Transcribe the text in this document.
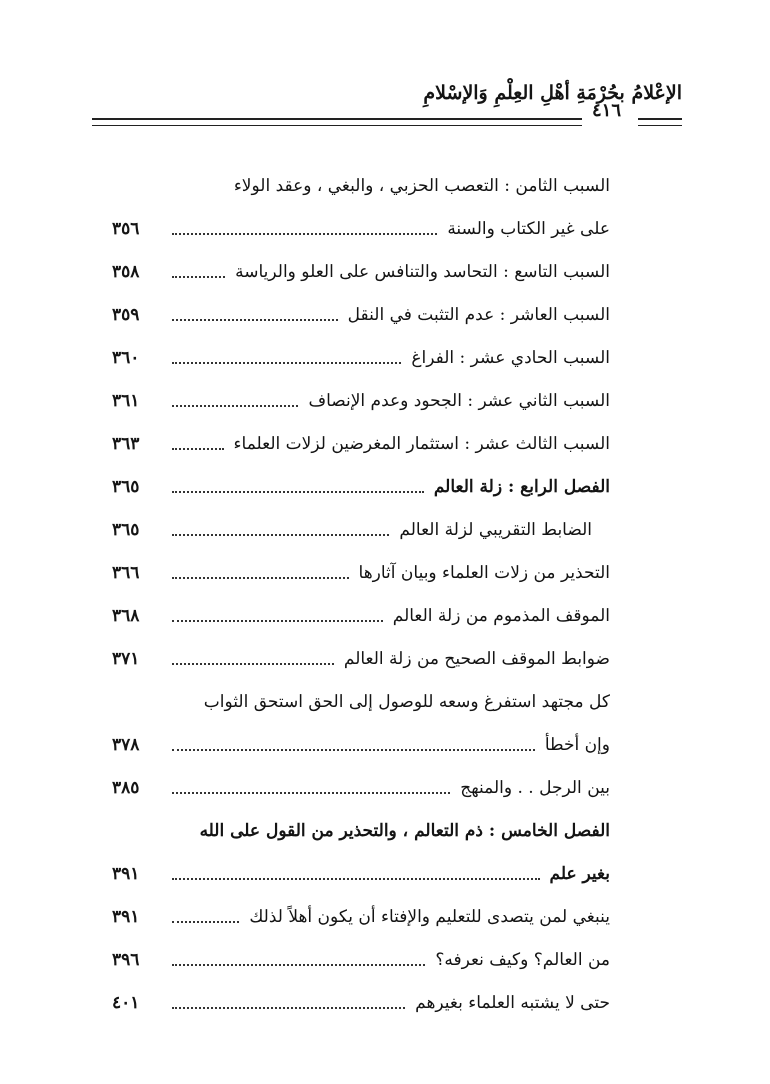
الإعْلامُ بحُرْمَةِ أهْلِ العِلْمِ وَالإسْلامِ
٤١٦
السبب الثامن : التعصب الحزبي ، والبغي ، وعقد الولاء
على غير الكتاب والسنة
٣٥٦
السبب التاسع : التحاسد والتنافس على العلو والرياسة
٣٥٨
السبب العاشر : عدم التثبت في النقل
٣٥٩
السبب الحادي عشر : الفراغ
٣٦٠
السبب الثاني عشر : الجحود وعدم الإنصاف
٣٦١
السبب الثالث عشر : استثمار المغرضين لزلات العلماء
٣٦٣
الفصل الرابع : زلة العالم
٣٦٥
الضابط التقريبي لزلة العالم
٣٦٥
التحذير من زلات العلماء وبيان آثارها
٣٦٦
الموقف المذموم من زلة العالم
٣٦٨
ضوابط الموقف الصحيح من زلة العالم
٣٧١
كل مجتهد استفرغ وسعه للوصول إلى الحق استحق الثواب
وإن أخطأ
٣٧٨
بين الرجل . . والمنهج
٣٨٥
الفصل الخامس : ذم التعالم ، والتحذير من القول على الله
بغير علم
٣٩١
ينبغي لمن يتصدى للتعليم والإفتاء أن يكون أهلاً لذلك
٣٩١
من العالم؟ وكيف نعرفه؟
٣٩٦
حتى لا يشتبه العلماء بغيرهم
٤٠١
